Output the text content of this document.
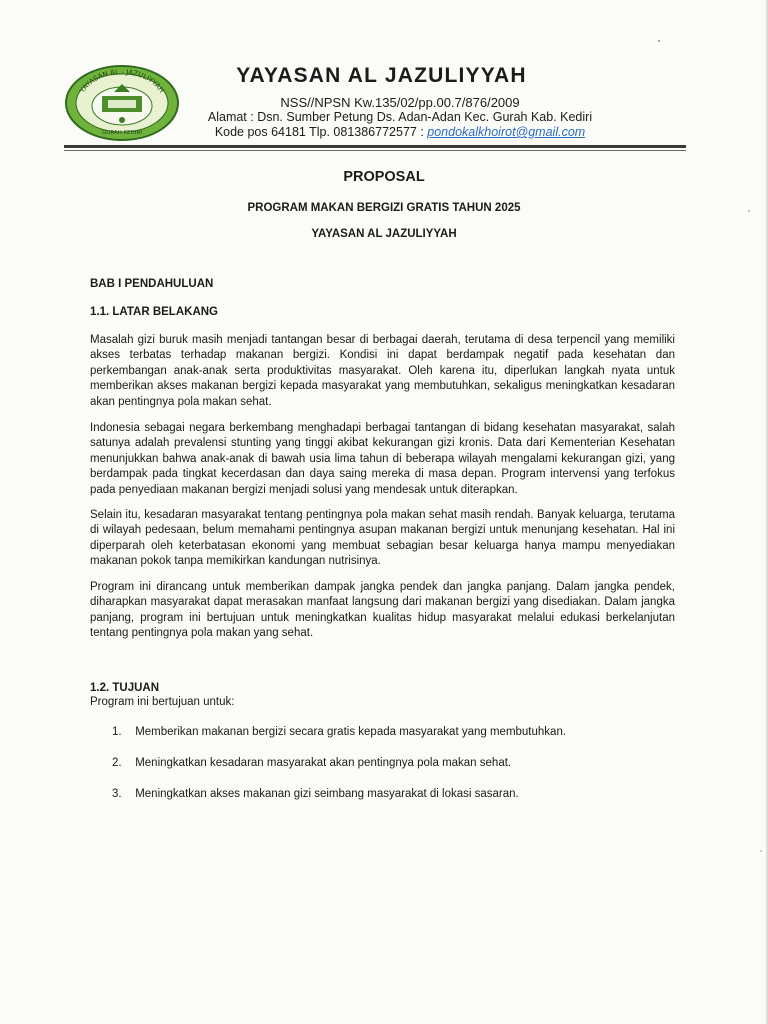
YAYASAN AL - JAZULIYYAH
GURAH KEDIRI
YAYASAN AL JAZULIYYAH
NSS//NPSN Kw.135/02/pp.00.7/876/2009
Alamat : Dsn. Sumber Petung Ds. Adan-Adan Kec. Gurah Kab. Kediri
Kode pos 64181 Tlp. 081386772577 : pondokalkhoirot@gmail.com
PROPOSAL
PROGRAM MAKAN BERGIZI GRATIS TAHUN 2025
YAYASAN AL JAZULIYYAH
BAB I PENDAHULUAN
1.1. LATAR BELAKANG

Masalah gizi buruk masih menjadi tantangan besar di berbagai daerah, terutama di desa terpencil yang memiliki akses terbatas terhadap makanan bergizi. Kondisi ini dapat berdampak negatif pada kesehatan dan perkembangan anak-anak serta produktivitas masyarakat. Oleh karena itu, diperlukan langkah nyata untuk memberikan akses makanan bergizi kepada masyarakat yang membutuhkan, sekaligus meningkatkan kesadaran akan pentingnya pola makan sehat.

Indonesia sebagai negara berkembang menghadapi berbagai tantangan di bidang kesehatan masyarakat, salah satunya adalah prevalensi stunting yang tinggi akibat kekurangan gizi kronis. Data dari Kementerian Kesehatan menunjukkan bahwa anak-anak di bawah usia lima tahun di beberapa wilayah mengalami kekurangan gizi, yang berdampak pada tingkat kecerdasan dan daya saing mereka di masa depan. Program intervensi yang terfokus pada penyediaan makanan bergizi menjadi solusi yang mendesak untuk diterapkan.

Selain itu, kesadaran masyarakat tentang pentingnya pola makan sehat masih rendah. Banyak keluarga, terutama di wilayah pedesaan, belum memahami pentingnya asupan makanan bergizi untuk menunjang kesehatan. Hal ini diperparah oleh keterbatasan ekonomi yang membuat sebagian besar keluarga hanya mampu menyediakan makanan pokok tanpa memikirkan kandungan nutrisinya.

Program ini dirancang untuk memberikan dampak jangka pendek dan jangka panjang. Dalam jangka pendek, diharapkan masyarakat dapat merasakan manfaat langsung dari makanan bergizi yang disediakan. Dalam jangka panjang, program ini bertujuan untuk meningkatkan kualitas hidup masyarakat melalui edukasi berkelanjutan tentang pentingnya pola makan yang sehat.

1.2. TUJUAN
Program ini bertujuan untuk:
1. Memberikan makanan bergizi secara gratis kepada masyarakat yang membutuhkan.
2. Meningkatkan kesadaran masyarakat akan pentingnya pola makan sehat.
3. Meningkatkan akses makanan gizi seimbang masyarakat di lokasi sasaran.
